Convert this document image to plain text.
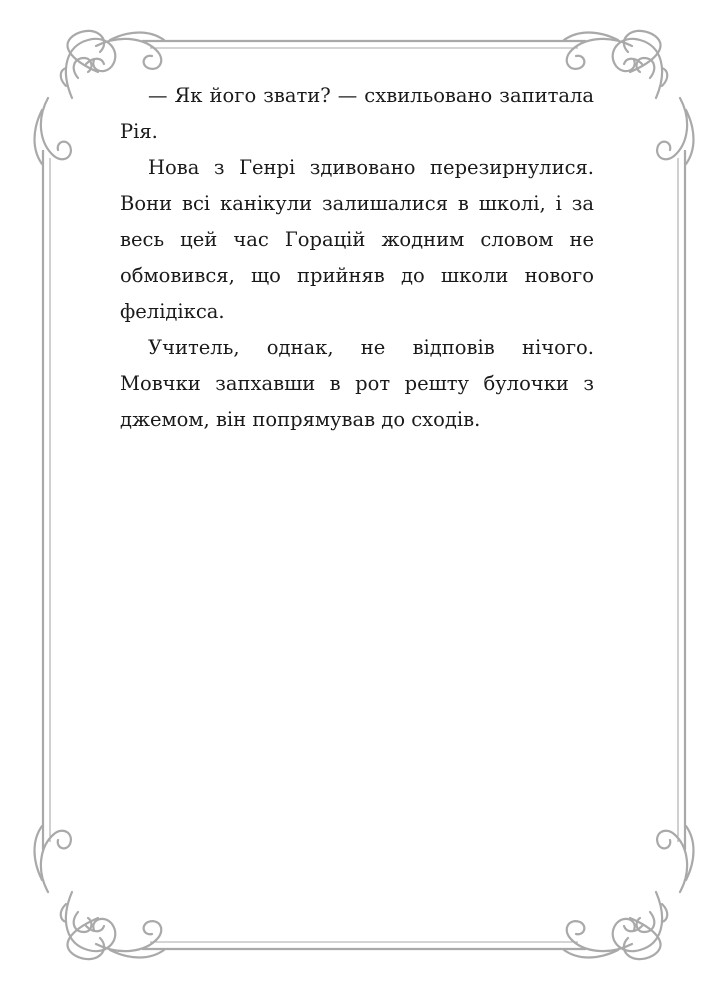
— Як його звати? — схвильовано запитала Рія.

Нова з Генрі здивовано перезирнулися. Вони всі канікули залишалися в школі, і за весь цей час Горацій жодним словом не обмовився, що прийняв до школи нового фелідікса.

Учитель, однак, не відповів нічого. Мовчки запхавши в рот решту булочки з джемом, він попрямував до сходів.
